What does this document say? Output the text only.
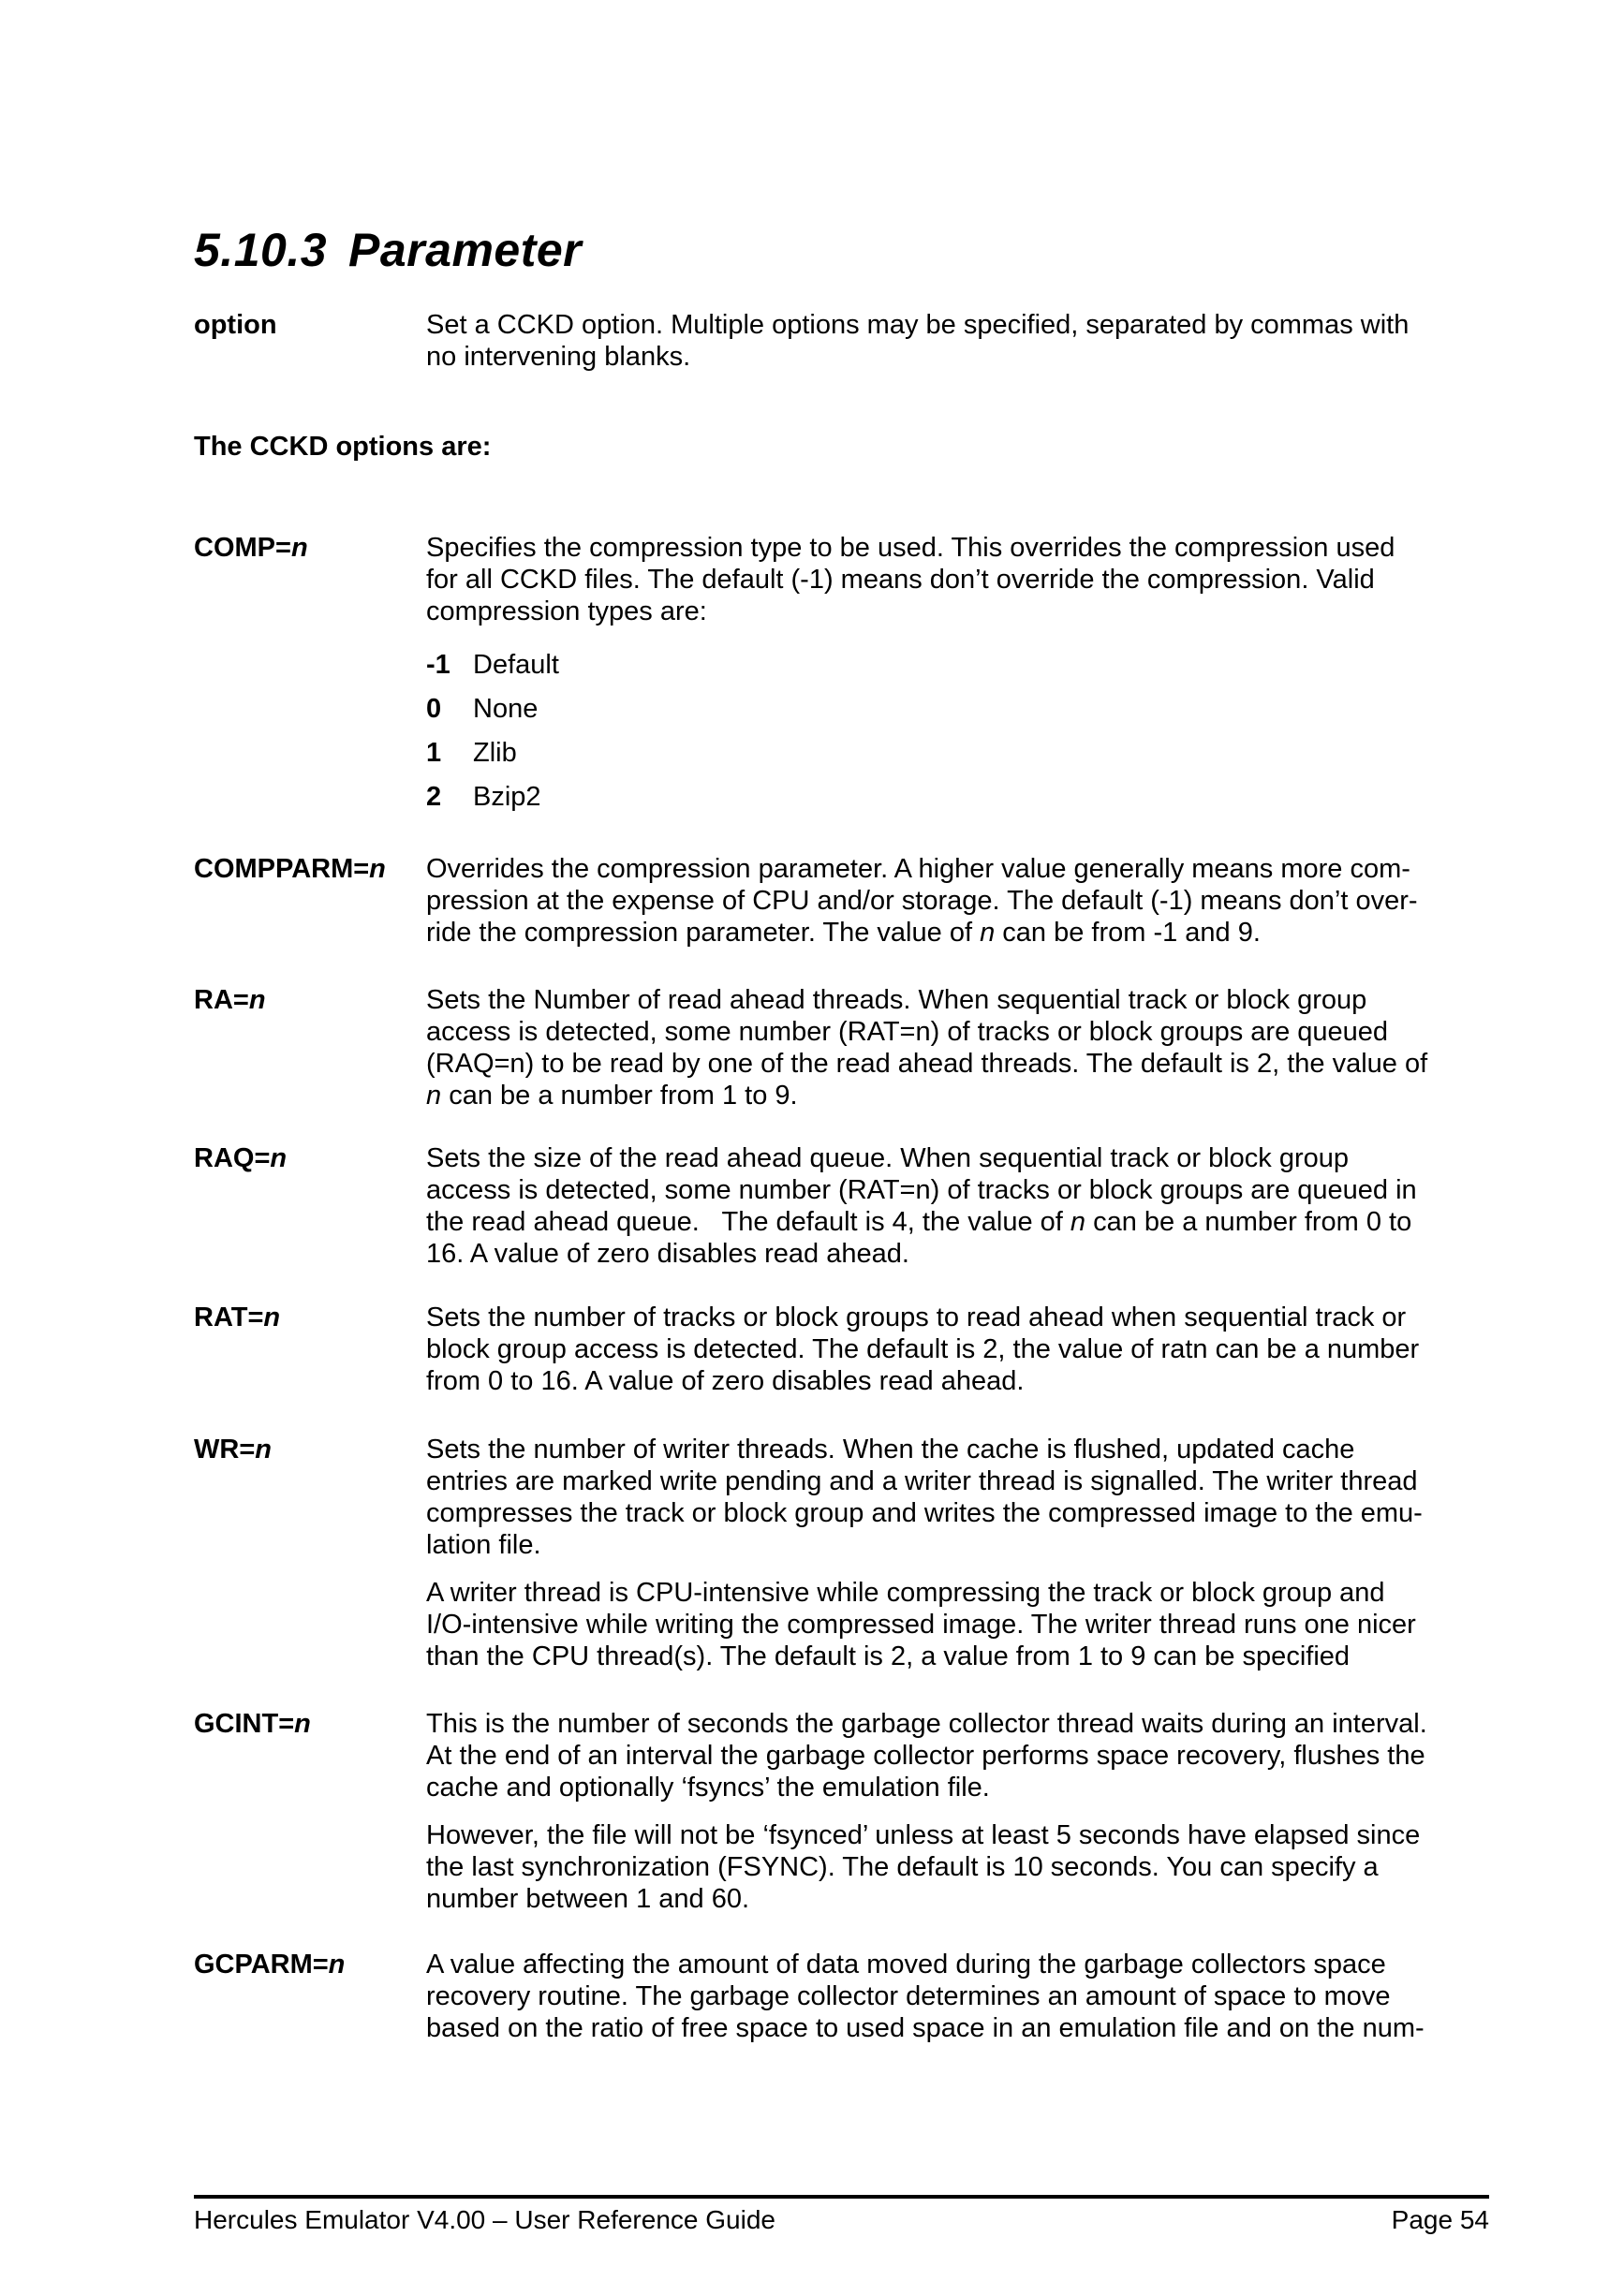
5.10.3 Parameter
option	Set a CCKD option. Multiple options may be specified, separated by commas with
no intervening blanks.
The CCKD options are:
COMP=n	Specifies the compression type to be used. This overrides the compression used
for all CCKD files. The default (-1) means don’t override the compression. Valid
compression types are:
-1 Default
0	None
1	Zlib
2	Bzip2
COMPPARM=n	Overrides the compression parameter. A higher value generally means more com-
pression at the expense of CPU and/or storage. The default (-1) means don’t over-
ride the compression parameter. The value of n can be from -1 and 9.
RA=n	Sets the Number of read ahead threads. When sequential track or block group
access is detected, some number (RAT=n) of tracks or block groups are queued
(RAQ=n) to be read by one of the read ahead threads. The default is 2, the value of
n can be a number from 1 to 9.
RAQ=n	Sets the size of the read ahead queue. When sequential track or block group
access is detected, some number (RAT=n) of tracks or block groups are queued in
the read ahead queue.   The default is 4, the value of n can be a number from 0 to
16. A value of zero disables read ahead.
RAT=n	Sets the number of tracks or block groups to read ahead when sequential track or
block group access is detected. The default is 2, the value of ratn can be a number
from 0 to 16. A value of zero disables read ahead.
WR=n	Sets the number of writer threads. When the cache is flushed, updated cache
entries are marked write pending and a writer thread is signalled. The writer thread
compresses the track or block group and writes the compressed image to the emu-
lation file.
A writer thread is CPU-intensive while compressing the track or block group and
I/O-intensive while writing the compressed image. The writer thread runs one nicer
than the CPU thread(s). The default is 2, a value from 1 to 9 can be specified
GCINT=n	This is the number of seconds the garbage collector thread waits during an interval.
At the end of an interval the garbage collector performs space recovery, flushes the
cache and optionally ‘fsyncs’ the emulation file.
However, the file will not be ‘fsynced’ unless at least 5 seconds have elapsed since
the last synchronization (FSYNC). The default is 10 seconds. You can specify a
number between 1 and 60.
GCPARM=n	A value affecting the amount of data moved during the garbage collectors space
recovery routine. The garbage collector determines an amount of space to move
based on the ratio of free space to used space in an emulation file and on the num-
Hercules Emulator V4.00 – User Reference Guide	Page 54
